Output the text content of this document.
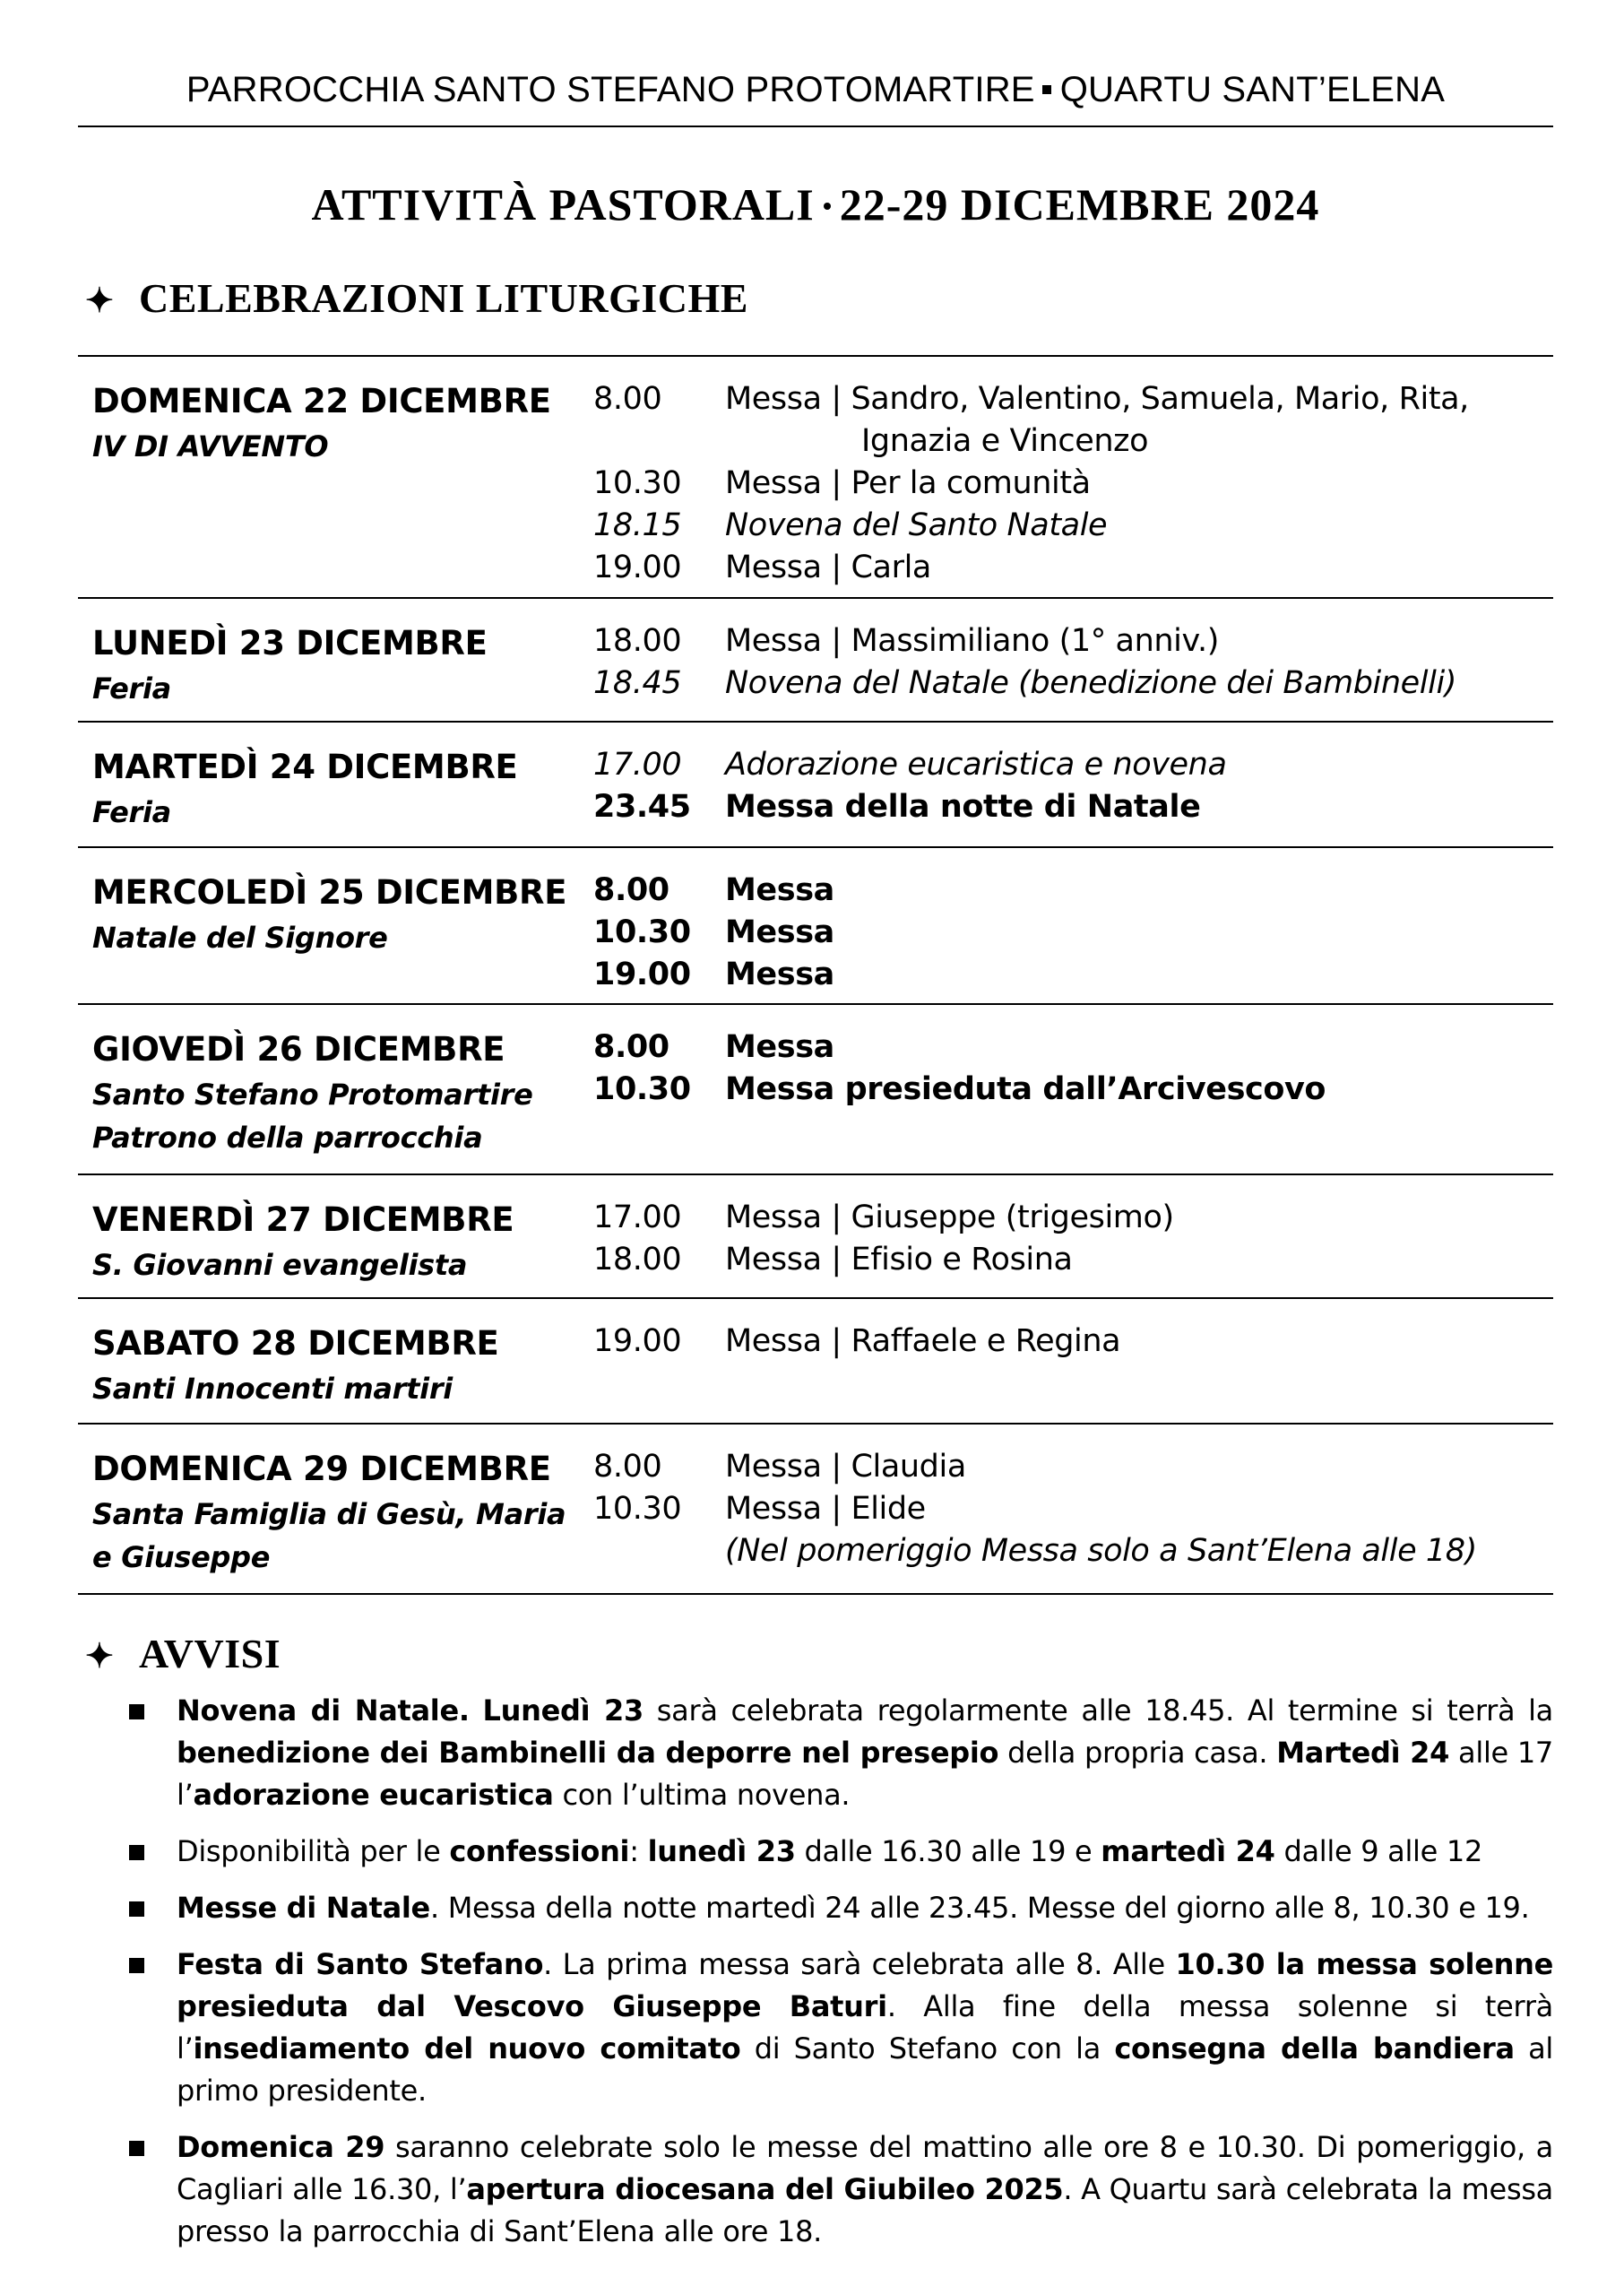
PARROCCHIA SANTO STEFANO PROTOMARTIRE QUARTU SANT’ELENA
ATTIVITÀ PASTORALI 22-29 DICEMBRE 2024
✦ CELEBRAZIONI LITURGICHE
DOMENICA 22 DICEMBRE
IV DI AVVENTO
8.00	Messa | Sandro, Valentino, Samuela, Mario, Rita,
Ignazia e Vincenzo
10.30	Messa | Per la comunità
18.15	Novena del Santo Natale
19.00	Messa | Carla
LUNEDÌ 23 DICEMBRE
Feria
18.00	Messa | Massimiliano (1° anniv.)
18.45	Novena del Natale (benedizione dei Bambinelli)
MARTEDÌ 24 DICEMBRE
Feria
17.00	Adorazione eucaristica e novena
23.45	Messa della notte di Natale
MERCOLEDÌ 25 DICEMBRE
Natale del Signore
8.00	Messa
10.30	Messa
19.00	Messa
GIOVEDÌ 26 DICEMBRE
Santo Stefano Protomartire
Patrono della parrocchia
8.00	Messa
10.30	Messa presieduta dall’Arcivescovo
VENERDÌ 27 DICEMBRE
S. Giovanni evangelista
17.00	Messa | Giuseppe (trigesimo)
18.00	Messa | Efisio e Rosina
SABATO 28 DICEMBRE
Santi Innocenti martiri
19.00	Messa | Raffaele e Regina
DOMENICA 29 DICEMBRE
Santa Famiglia di Gesù, Maria
e Giuseppe
8.00	Messa | Claudia
10.30	Messa | Elide
(Nel pomeriggio Messa solo a Sant’Elena alle 18)
✦ AVVISI
Novena di Natale. Lunedì 23 sarà celebrata regolarmente alle 18.45. Al termine si terrà la benedizione dei Bambinelli da deporre nel presepio della propria casa. Martedì 24 alle 17 l’adorazione eucaristica con l’ultima novena.
Disponibilità per le confessioni: lunedì 23 dalle 16.30 alle 19 e martedì 24 dalle 9 alle 12
Messe di Natale. Messa della notte martedì 24 alle 23.45. Messe del giorno alle 8, 10.30 e 19.
Festa di Santo Stefano. La prima messa sarà celebrata alle 8. Alle 10.30 la messa solenne presieduta dal Vescovo Giuseppe Baturi. Alla fine della messa solenne si terrà l’insediamento del nuovo comitato di Santo Stefano con la consegna della bandiera al primo presidente.
Domenica 29 saranno celebrate solo le messe del mattino alle ore 8 e 10.30. Di pomeriggio, a Cagliari alle 16.30, l’apertura diocesana del Giubileo 2025. A Quartu sarà celebrata la messa presso la parrocchia di Sant’Elena alle ore 18.
